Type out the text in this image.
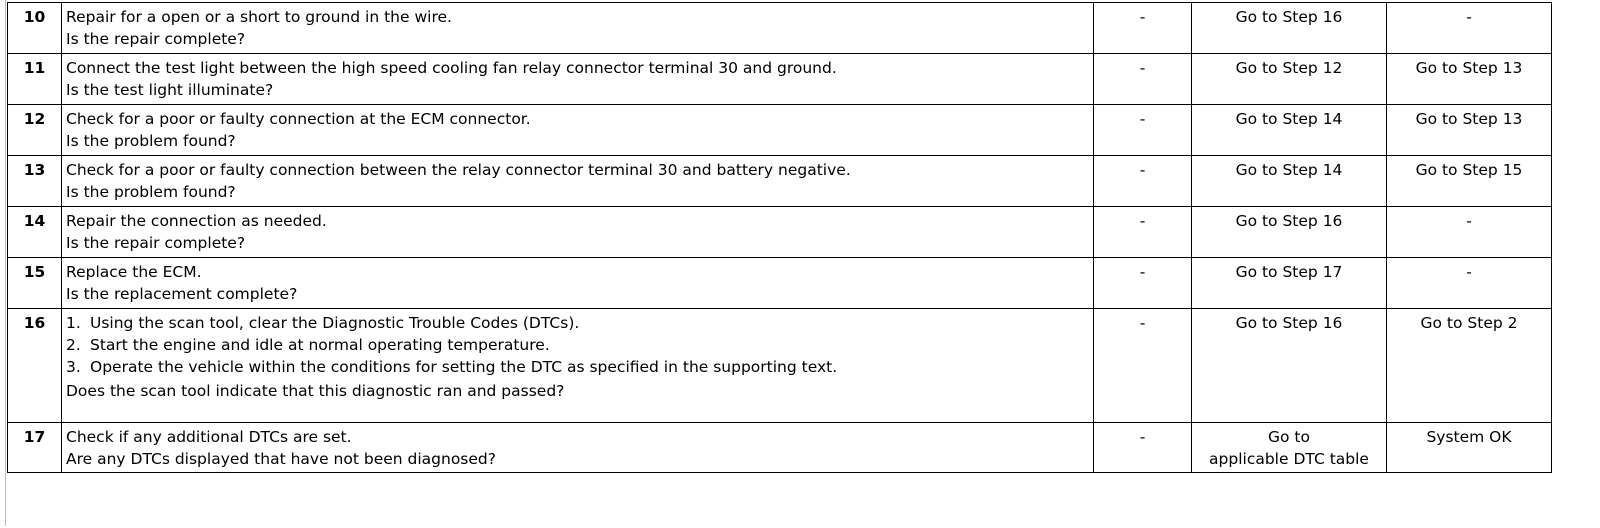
10	Repair for a open or a short to ground in the wire.
Is the repair complete?	-	Go to Step 16	-
11	Connect the test light between the high speed cooling fan relay connector terminal 30 and ground.
Is the test light illuminate?	-	Go to Step 12	Go to Step 13
12	Check for a poor or faulty connection at the ECM connector.
Is the problem found?	-	Go to Step 14	Go to Step 13
13	Check for a poor or faulty connection between the relay connector terminal 30 and battery negative.
Is the problem found?	-	Go to Step 14	Go to Step 15
14	Repair the connection as needed.
Is the repair complete?	-	Go to Step 16	-
15	Replace the ECM.
Is the replacement complete?	-	Go to Step 17	-
16	1. Using the scan tool, clear the Diagnostic Trouble Codes (DTCs).
2. Start the engine and idle at normal operating temperature.
3. Operate the vehicle within the conditions for setting the DTC as specified in the supporting text.
Does the scan tool indicate that this diagnostic ran and passed?	-	Go to Step 16	Go to Step 2
17	Check if any additional DTCs are set.
Are any DTCs displayed that have not been diagnosed?	-	Go to
applicable DTC table	System OK
